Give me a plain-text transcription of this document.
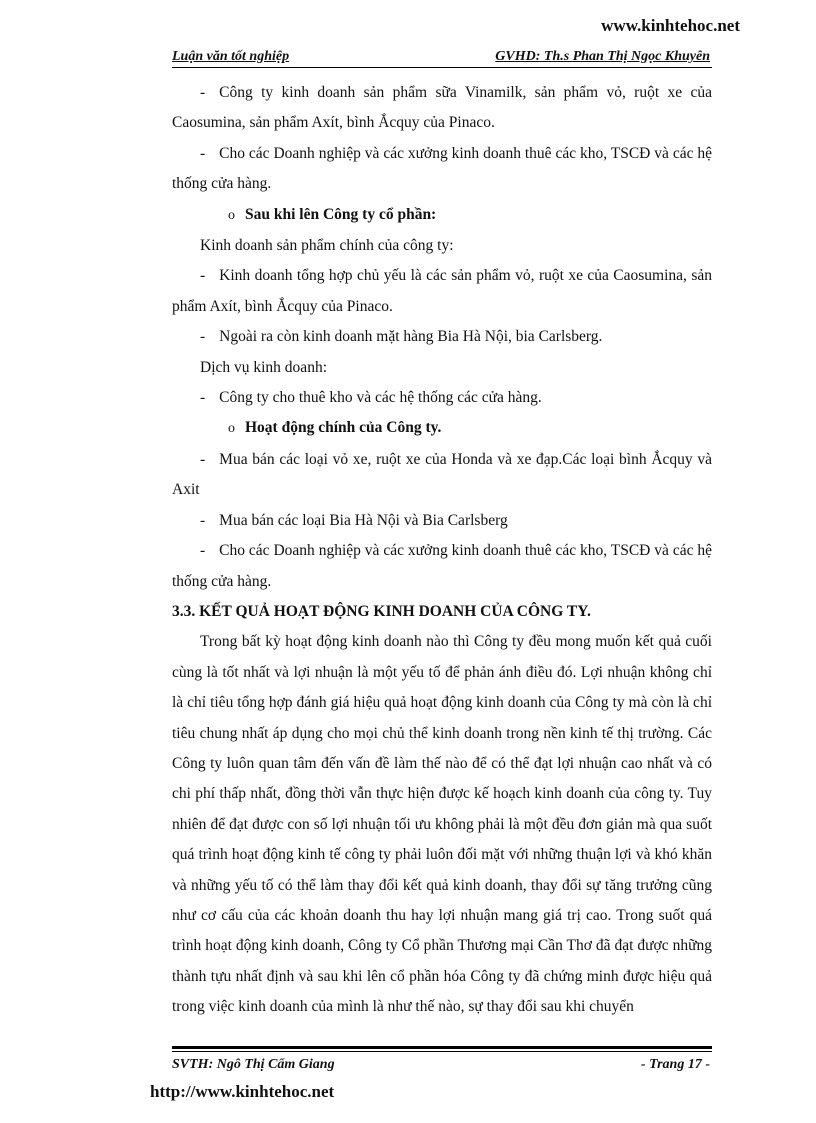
www.kinhtehoc.net
Luận văn tốt nghiệp	GVHD: Th.s Phan Thị Ngọc Khuyên

- Công ty kinh doanh sản phẩm sữa Vinamilk, sản phẩm vỏ, ruột xe của Caosumina, sản phẩm Axít, bình Ắcquy của Pinaco.

- Cho các Doanh nghiệp và các xưởng kinh doanh thuê các kho, TSCĐ và các hệ thống cửa hàng.

o Sau khi lên Công ty cổ phần:

Kinh doanh sản phẩm chính của công ty:

- Kinh doanh tổng hợp chủ yếu là các sản phẩm vỏ, ruột xe của Caosumina, sản phẩm Axít, bình Ắcquy của Pinaco.

- Ngoài ra còn kinh doanh mặt hàng Bia Hà Nội, bia Carlsberg.

Dịch vụ kinh doanh:

- Công ty cho thuê kho và các hệ thống các cửa hàng.

o Hoạt động chính của Công ty.

- Mua bán các loại vỏ xe, ruột xe của Honda và xe đạp.Các loại bình Ắcquy và Axit

- Mua bán các loại Bia Hà Nội và Bia Carlsberg

- Cho các Doanh nghiệp và các xưởng kinh doanh thuê các kho, TSCĐ và các hệ thống cửa hàng.

3.3. KẾT QUẢ HOẠT ĐỘNG KINH DOANH CỦA CÔNG TY.

Trong bất kỳ hoạt động kinh doanh nào thì Công ty đều mong muốn kết quả cuối cùng là tốt nhất và lợi nhuận là một yếu tố để phản ánh điều đó. Lợi nhuận không chỉ là chỉ tiêu tổng hợp đánh giá hiệu quả hoạt động kinh doanh của Công ty mà còn là chỉ tiêu chung nhất áp dụng cho mọi chủ thể kinh doanh trong nền kinh tế thị trường. Các Công ty luôn quan tâm đến vấn đề làm thế nào để có thể đạt lợi nhuận cao nhất và có chi phí thấp nhất, đồng thời vẫn thực hiện được kế hoạch kinh doanh của công ty. Tuy nhiên để đạt được con số lợi nhuận tối ưu không phải là một đều đơn giản mà qua suốt quá trình hoạt động kinh tế công ty phải luôn đối mặt với những thuận lợi và khó khăn và những yếu tố có thể làm thay đổi kết quả kinh doanh, thay đổi sự tăng trưởng cũng như cơ cấu của các khoản doanh thu hay lợi nhuận mang giá trị cao. Trong suốt quá trình hoạt động kinh doanh, Công ty Cổ phần Thương mại Cần Thơ đã đạt được những thành tựu nhất định và sau khi lên cổ phần hóa Công ty đã chứng minh được hiệu quả trong việc kinh doanh của mình là như thế nào, sự thay đổi sau khi chuyển

SVTH: Ngô Thị Cẩm Giang	- Trang 17 -
http://www.kinhtehoc.net
